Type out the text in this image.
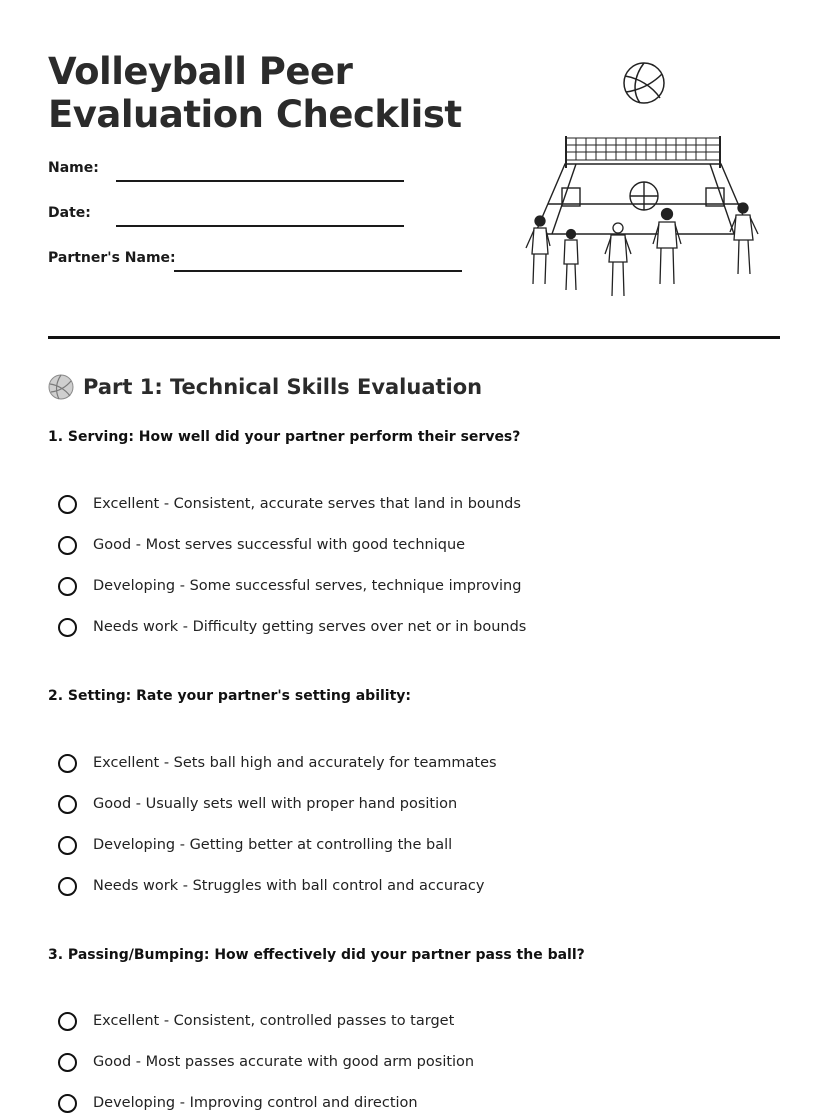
Volleyball Peer
Evaluation Checklist
Name:
Date:
Partner's Name:
Part 1: Technical Skills Evaluation

1. Serving: How well did your partner perform their serves?

Excellent - Consistent, accurate serves that land in bounds
Good - Most serves successful with good technique
Developing - Some successful serves, technique improving
Needs work - Difficulty getting serves over net or in bounds

2. Setting: Rate your partner's setting ability:

Excellent - Sets ball high and accurately for teammates
Good - Usually sets well with proper hand position
Developing - Getting better at controlling the ball
Needs work - Struggles with ball control and accuracy

3. Passing/Bumping: How effectively did your partner pass the ball?

Excellent - Consistent, controlled passes to target
Good - Most passes accurate with good arm position
Developing - Improving control and direction
